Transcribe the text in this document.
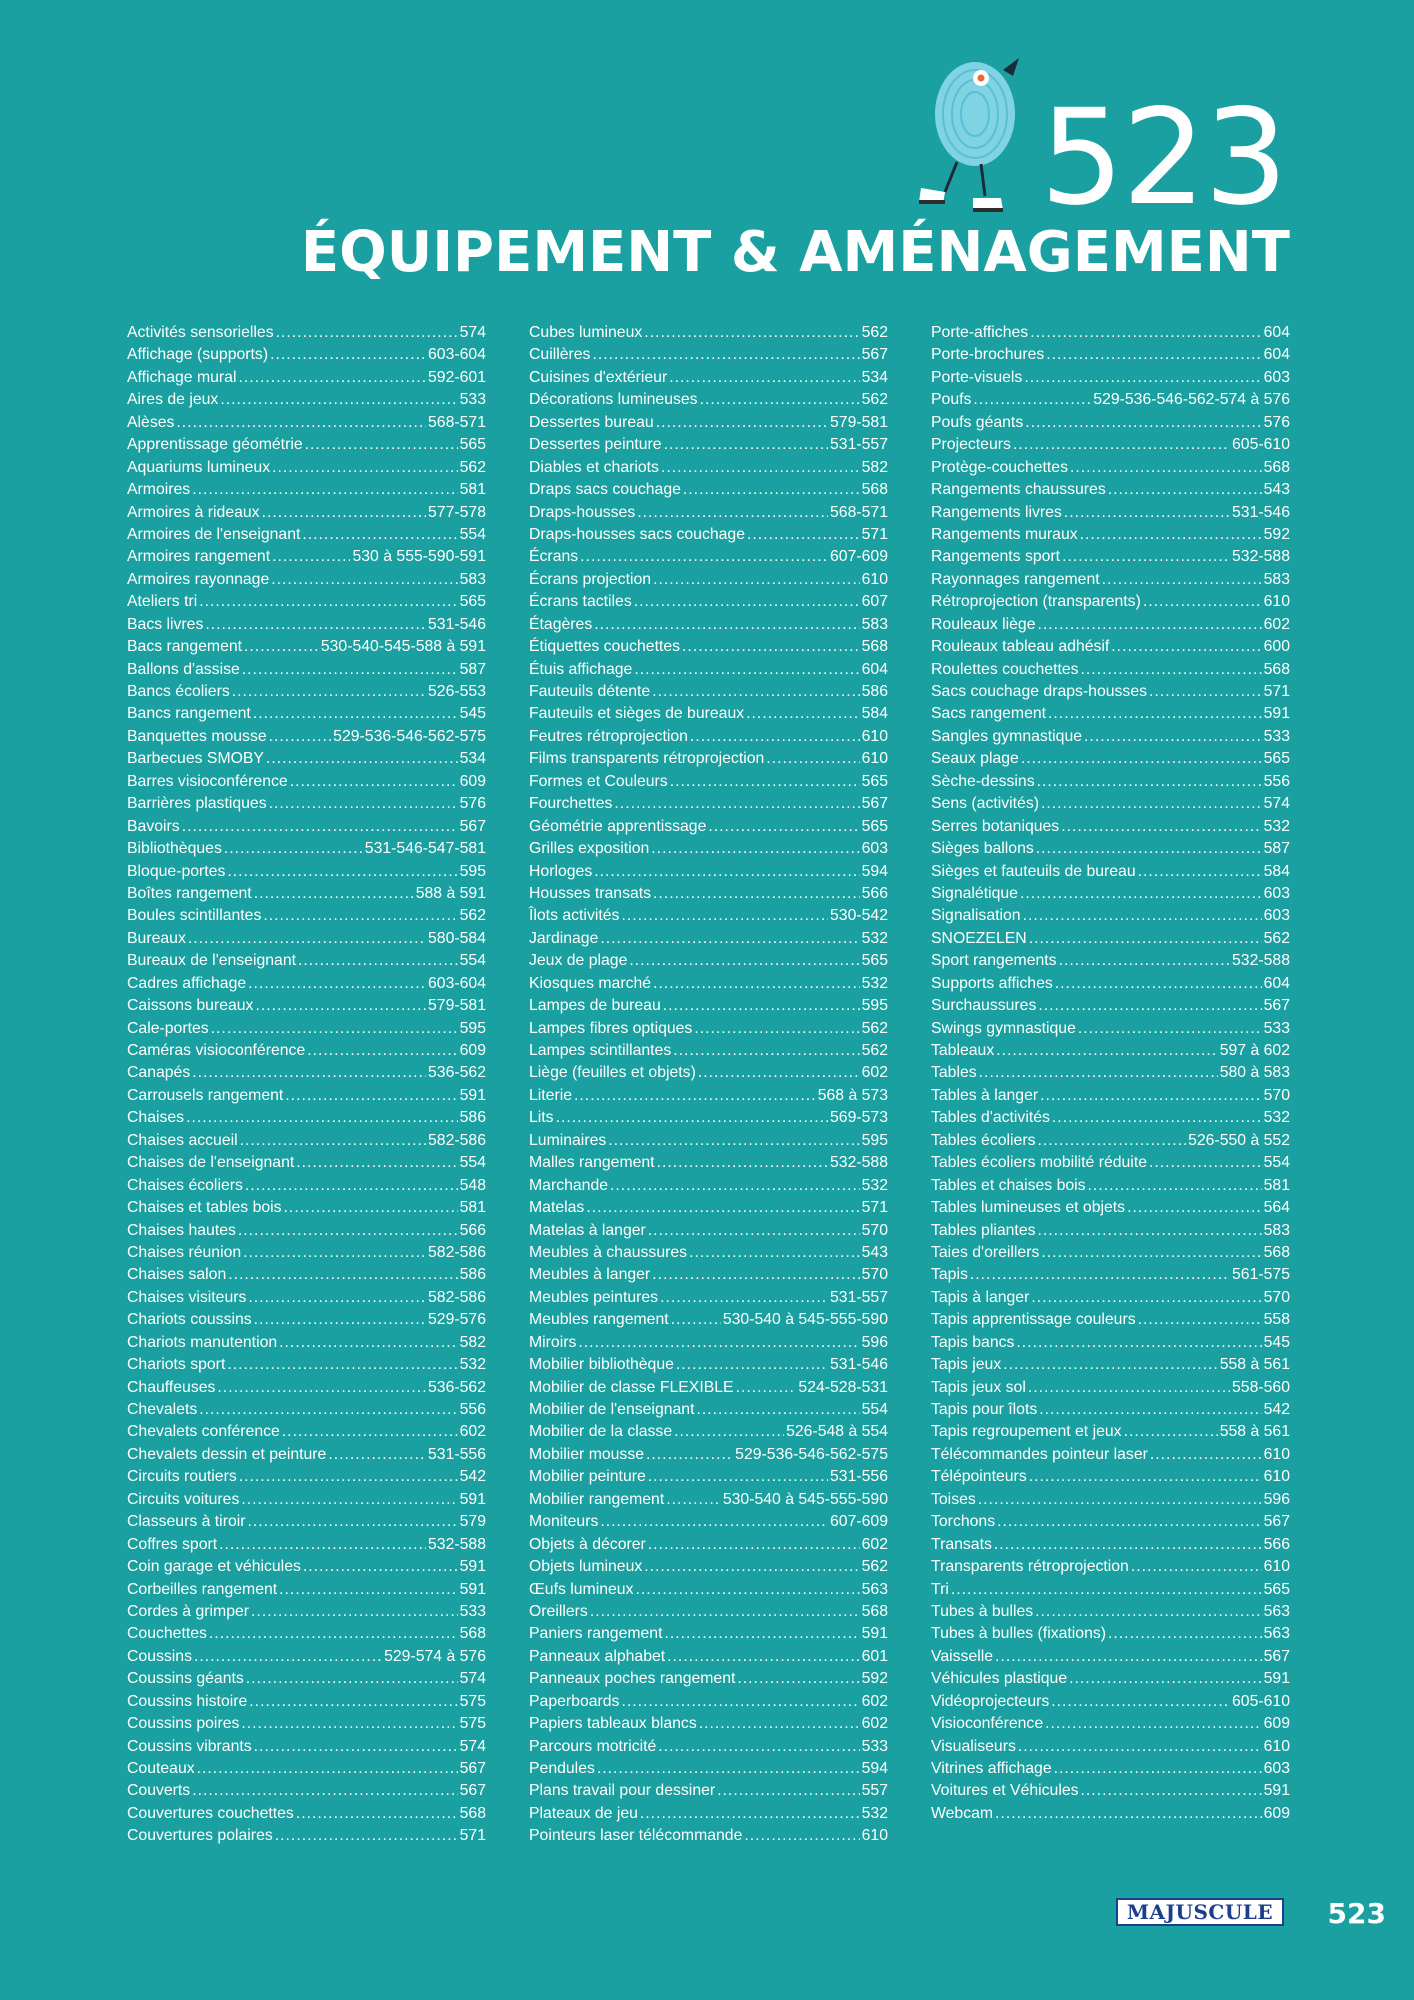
523
ÉQUIPEMENT & AMÉNAGEMENT
Activités sensorielles .....	574
Affichage (supports) .....	603-604
Affichage mural .....	592-601
Aires de jeux .....	533
Alèses .....	568-571
Apprentissage géométrie .....	565
Aquariums lumineux .....	562
Armoires .....	581
Armoires à rideaux .....	577-578
Armoires de l'enseignant .....	554
Armoires rangement .....	530 à 555-590-591
Armoires rayonnage .....	583
Ateliers tri .....	565
Bacs livres .....	531-546
Bacs rangement .....	530-540-545-588 à 591
Ballons d'assise .....	587
Bancs écoliers .....	526-553
Bancs rangement .....	545
Banquettes mousse .....	529-536-546-562-575
Barbecues SMOBY .....	534
Barres visioconférence .....	609
Barrières plastiques .....	576
Bavoirs .....	567
Bibliothèques .....	531-546-547-581
Bloque-portes .....	595
Boîtes rangement .....	588 à 591
Boules scintillantes .....	562
Bureaux .....	580-584
Bureaux de l'enseignant .....	554
Cadres affichage .....	603-604
Caissons bureaux .....	579-581
Cale-portes .....	595
Caméras visioconférence .....	609
Canapés .....	536-562
Carrousels rangement .....	591
Chaises .....	586
Chaises accueil .....	582-586
Chaises de l'enseignant .....	554
Chaises écoliers .....	548
Chaises et tables bois .....	581
Chaises hautes .....	566
Chaises réunion .....	582-586
Chaises salon .....	586
Chaises visiteurs .....	582-586
Chariots coussins .....	529-576
Chariots manutention .....	582
Chariots sport .....	532
Chauffeuses .....	536-562
Chevalets .....	556
Chevalets conférence .....	602
Chevalets dessin et peinture .....	531-556
Circuits routiers .....	542
Circuits voitures .....	591
Classeurs à tiroir .....	579
Coffres sport .....	532-588
Coin garage et véhicules .....	591
Corbeilles rangement .....	591
Cordes à grimper .....	533
Couchettes .....	568
Coussins .....	529-574 à 576
Coussins géants .....	574
Coussins histoire .....	575
Coussins poires .....	575
Coussins vibrants .....	574
Couteaux .....	567
Couverts .....	567
Couvertures couchettes .....	568
Couvertures polaires .....	571
Cubes lumineux .....	562
Cuillères .....	567
Cuisines d'extérieur .....	534
Décorations lumineuses .....	562
Dessertes bureau .....	579-581
Dessertes peinture .....	531-557
Diables et chariots .....	582
Draps sacs couchage .....	568
Draps-housses .....	568-571
Draps-housses sacs couchage .....	571
Écrans .....	607-609
Écrans projection .....	610
Écrans tactiles .....	607
Étagères .....	583
Étiquettes couchettes .....	568
Étuis affichage .....	604
Fauteuils détente .....	586
Fauteuils et sièges de bureaux .....	584
Feutres rétroprojection .....	610
Films transparents rétroprojection .....	610
Formes et Couleurs .....	565
Fourchettes .....	567
Géométrie apprentissage .....	565
Grilles exposition .....	603
Horloges .....	594
Housses transats .....	566
Îlots activités .....	530-542
Jardinage .....	532
Jeux de plage .....	565
Kiosques marché .....	532
Lampes de bureau .....	595
Lampes fibres optiques .....	562
Lampes scintillantes .....	562
Liège (feuilles et objets) .....	602
Literie .....	568 à 573
Lits .....	569-573
Luminaires .....	595
Malles rangement .....	532-588
Marchande .....	532
Matelas .....	571
Matelas à langer .....	570
Meubles à chaussures .....	543
Meubles à langer .....	570
Meubles peintures .....	531-557
Meubles rangement .....	530-540 à 545-555-590
Miroirs .....	596
Mobilier bibliothèque .....	531-546
Mobilier de classe FLEXIBLE .....	524-528-531
Mobilier de l'enseignant .....	554
Mobilier de la classe .....	526-548 à 554
Mobilier mousse .....	529-536-546-562-575
Mobilier peinture .....	531-556
Mobilier rangement .....	530-540 à 545-555-590
Moniteurs .....	607-609
Objets à décorer .....	602
Objets lumineux .....	562
Œufs lumineux .....	563
Oreillers .....	568
Paniers rangement .....	591
Panneaux alphabet .....	601
Panneaux poches rangement .....	592
Paperboards .....	602
Papiers tableaux blancs .....	602
Parcours motricité .....	533
Pendules .....	594
Plans travail pour dessiner .....	557
Plateaux de jeu .....	532
Pointeurs laser télécommande .....	610
Porte-affiches .....	604
Porte-brochures .....	604
Porte-visuels .....	603
Poufs .....	529-536-546-562-574 à 576
Poufs géants .....	576
Projecteurs .....	605-610
Protège-couchettes .....	568
Rangements chaussures .....	543
Rangements livres .....	531-546
Rangements muraux .....	592
Rangements sport .....	532-588
Rayonnages rangement .....	583
Rétroprojection (transparents) .....	610
Rouleaux liège .....	602
Rouleaux tableau adhésif .....	600
Roulettes couchettes .....	568
Sacs couchage draps-housses .....	571
Sacs rangement .....	591
Sangles gymnastique .....	533
Seaux plage .....	565
Sèche-dessins .....	556
Sens (activités) .....	574
Serres botaniques .....	532
Sièges ballons .....	587
Sièges et fauteuils de bureau .....	584
Signalétique .....	603
Signalisation .....	603
SNOEZELEN .....	562
Sport rangements .....	532-588
Supports affiches .....	604
Surchaussures .....	567
Swings gymnastique .....	533
Tableaux .....	597 à 602
Tables .....	580 à 583
Tables à langer .....	570
Tables d'activités .....	532
Tables écoliers .....	526-550 à 552
Tables écoliers mobilité réduite .....	554
Tables et chaises bois .....	581
Tables lumineuses et objets .....	564
Tables pliantes .....	583
Taies d'oreillers .....	568
Tapis .....	561-575
Tapis à langer .....	570
Tapis apprentissage couleurs .....	558
Tapis bancs .....	545
Tapis jeux .....	558 à 561
Tapis jeux sol .....	558-560
Tapis pour îlots .....	542
Tapis regroupement et jeux .....	558 à 561
Télécommandes pointeur laser .....	610
Télépointeurs .....	610
Toises .....	596
Torchons .....	567
Transats .....	566
Transparents rétroprojection .....	610
Tri .....	565
Tubes à bulles .....	563
Tubes à bulles (fixations) .....	563
Vaisselle .....	567
Véhicules plastique .....	591
Vidéoprojecteurs .....	605-610
Visioconférence .....	609
Visualiseurs .....	610
Vitrines affichage .....	603
Voitures et Véhicules .....	591
Webcam .....	609
MAJUSCULE 523
